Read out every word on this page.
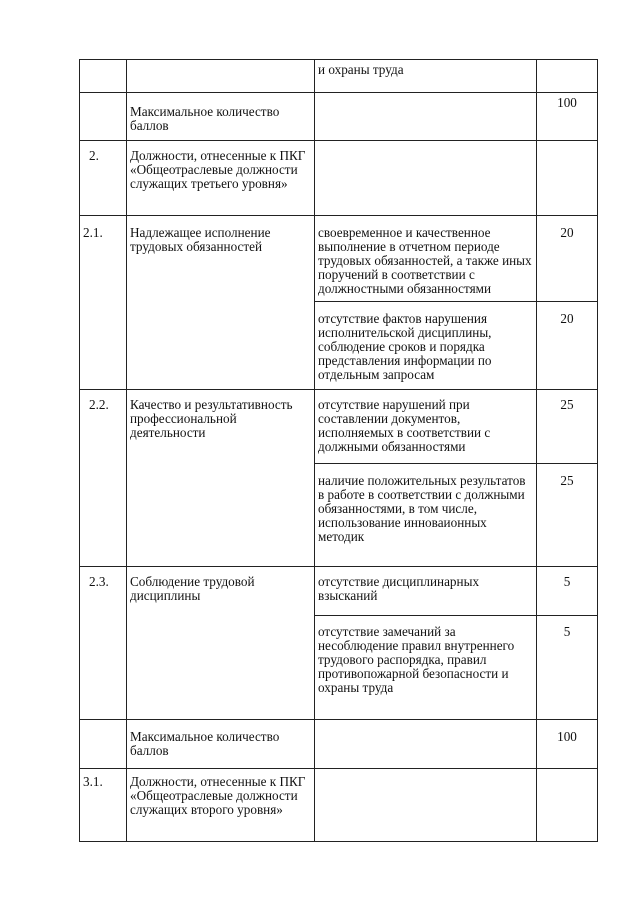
		и охраны труда	
	Максимальное количество баллов		100
2.	Должности, отнесенные к ПКГ «Общеотраслевые должности служащих третьего уровня»		
2.1.	Надлежащее исполнение трудовых обязанностей	своевременное и качественное выполнение в отчетном периоде трудовых обязанностей, а также иных поручений в соответствии с должностными обязанностями	20
		отсутствие фактов нарушения исполнительской дисциплины, соблюдение сроков и порядка представления информации по отдельным запросам	20
2.2.	Качество и результативность профессиональной деятельности	отсутствие нарушений при составлении документов, исполняемых в соответствии с должными обязанностями	25
		наличие положительных результатов в работе в соответствии с должными обязанностями, в том числе, использование инноваионных методик	25
2.3.	Соблюдение трудовой дисциплины	отсутствие дисциплинарных взысканий	5
		отсутствие замечаний за несоблюдение правил внутреннего трудового распорядка, правил противопожарной безопасности и охраны труда	5
	Максимальное количество баллов		100
3.1.	Должности, отнесенные к ПКГ «Общеотраслевые должности служащих второго уровня»		
